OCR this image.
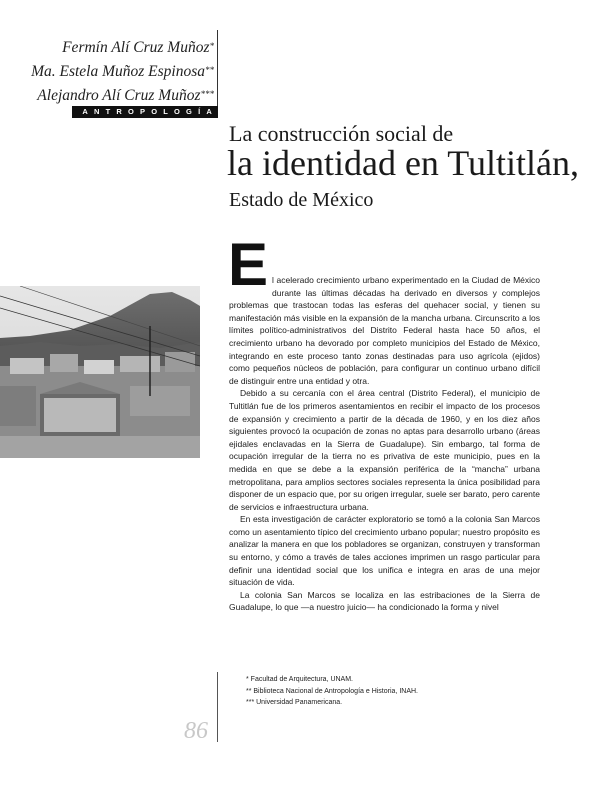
Fermín Alí Cruz Muñoz*
Ma. Estela Muñoz Espinosa**
Alejandro Alí Cruz Muñoz***
ANTROPOLOGÍA
La construcción social de
la identidad en Tultitlán,
Estado de México

E l acelerado crecimiento urbano experimentado en la Ciudad de México durante las últimas décadas ha derivado en diversos y complejos problemas que trastocan todas las esferas del quehacer social, y tienen su manifestación más visible en la expansión de la mancha urbana. Circunscrito a los límites político-administrativos del Distrito Federal hasta hace 50 años, el crecimiento urbano ha devorado por completo municipios del Estado de México, integrando en este proceso tanto zonas destinadas para uso agrícola (ejidos) como pequeños núcleos de población, para configurar un continuo urbano difícil de distinguir entre una entidad y otra.

Debido a su cercanía con el área central (Distrito Federal), el municipio de Tultitlán fue de los primeros asentamientos en recibir el impacto de los procesos de expansión y crecimiento a partir de la década de 1960, y en los diez años siguientes provocó la ocupación de zonas no aptas para desarrollo urbano (áreas ejidales enclavadas en la Sierra de Guadalupe). Sin embargo, tal forma de ocupación irregular de la tierra no es privativa de este municipio, pues en la medida en que se debe a la expansión periférica de la “mancha” urbana metropolitana, para amplios sectores sociales representa la única posibilidad para disponer de un espacio que, por su origen irregular, suele ser barato, pero carente de servicios e infraestructura urbana.

En esta investigación de carácter exploratorio se tomó a la colonia San Marcos como un asentamiento típico del crecimiento urbano popular; nuestro propósito es analizar la manera en que los pobladores se organizan, construyen y transforman su entorno, y cómo a través de tales acciones imprimen un rasgo particular para definir una identidad social que los unifica e integra en aras de una mejor situación de vida.

La colonia San Marcos se localiza en las estribaciones de la Sierra de Guadalupe, lo que —a nuestro juicio— ha condicionado la forma y nivel

* Facultad de Arquitectura, UNAM.
** Biblioteca Nacional de Antropología e Historia, INAH.
*** Universidad Panamericana.
86
